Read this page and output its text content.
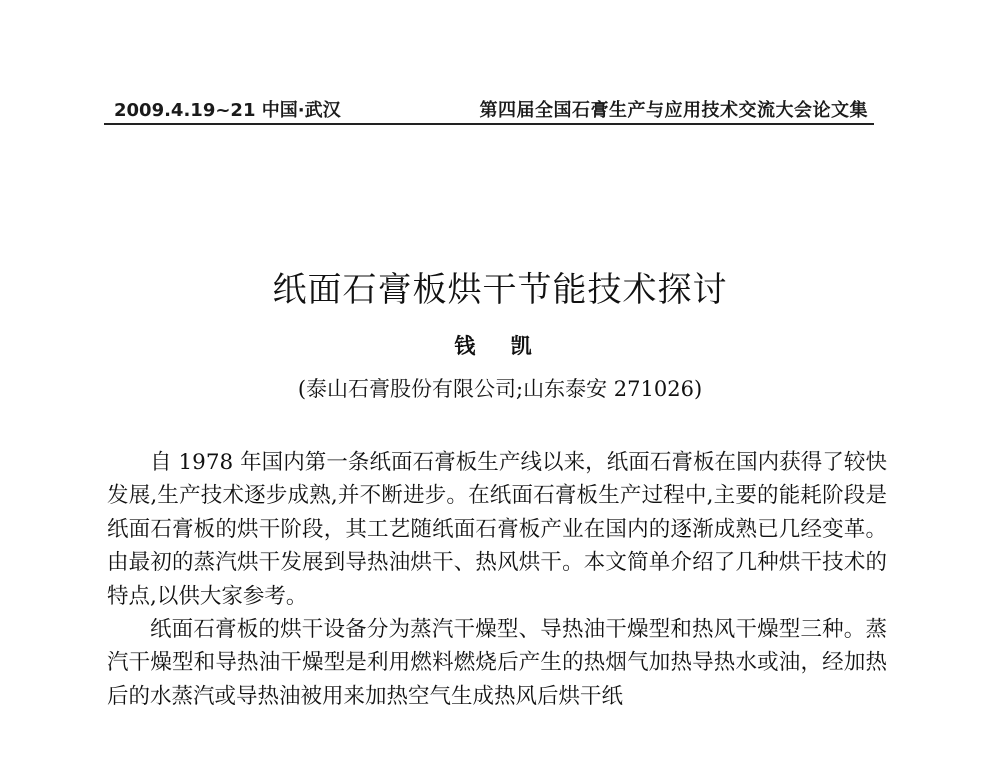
2009.4.19~21 中国·武汉	第四届全国石膏生产与应用技术交流大会论文集
纸面石膏板烘干节能技术探讨
钱 凯
(泰山石膏股份有限公司;山东泰安 271026)

自 1978 年国内第一条纸面石膏板生产线以来，纸面石膏板在国内获得了较快发展,生产技术逐步成熟,并不断进步。在纸面石膏板生产过程中,主要的能耗阶段是纸面石膏板的烘干阶段，其工艺随纸面石膏板产业在国内的逐渐成熟已几经变革。由最初的蒸汽烘干发展到导热油烘干、热风烘干。本文简单介绍了几种烘干技术的特点,以供大家参考。

纸面石膏板的烘干设备分为蒸汽干燥型、导热油干燥型和热风干燥型三种。蒸汽干燥型和导热油干燥型是利用燃料燃烧后产生的热烟气加热导热水或油，经加热后的水蒸汽或导热油被用来加热空气生成热风后烘干纸
